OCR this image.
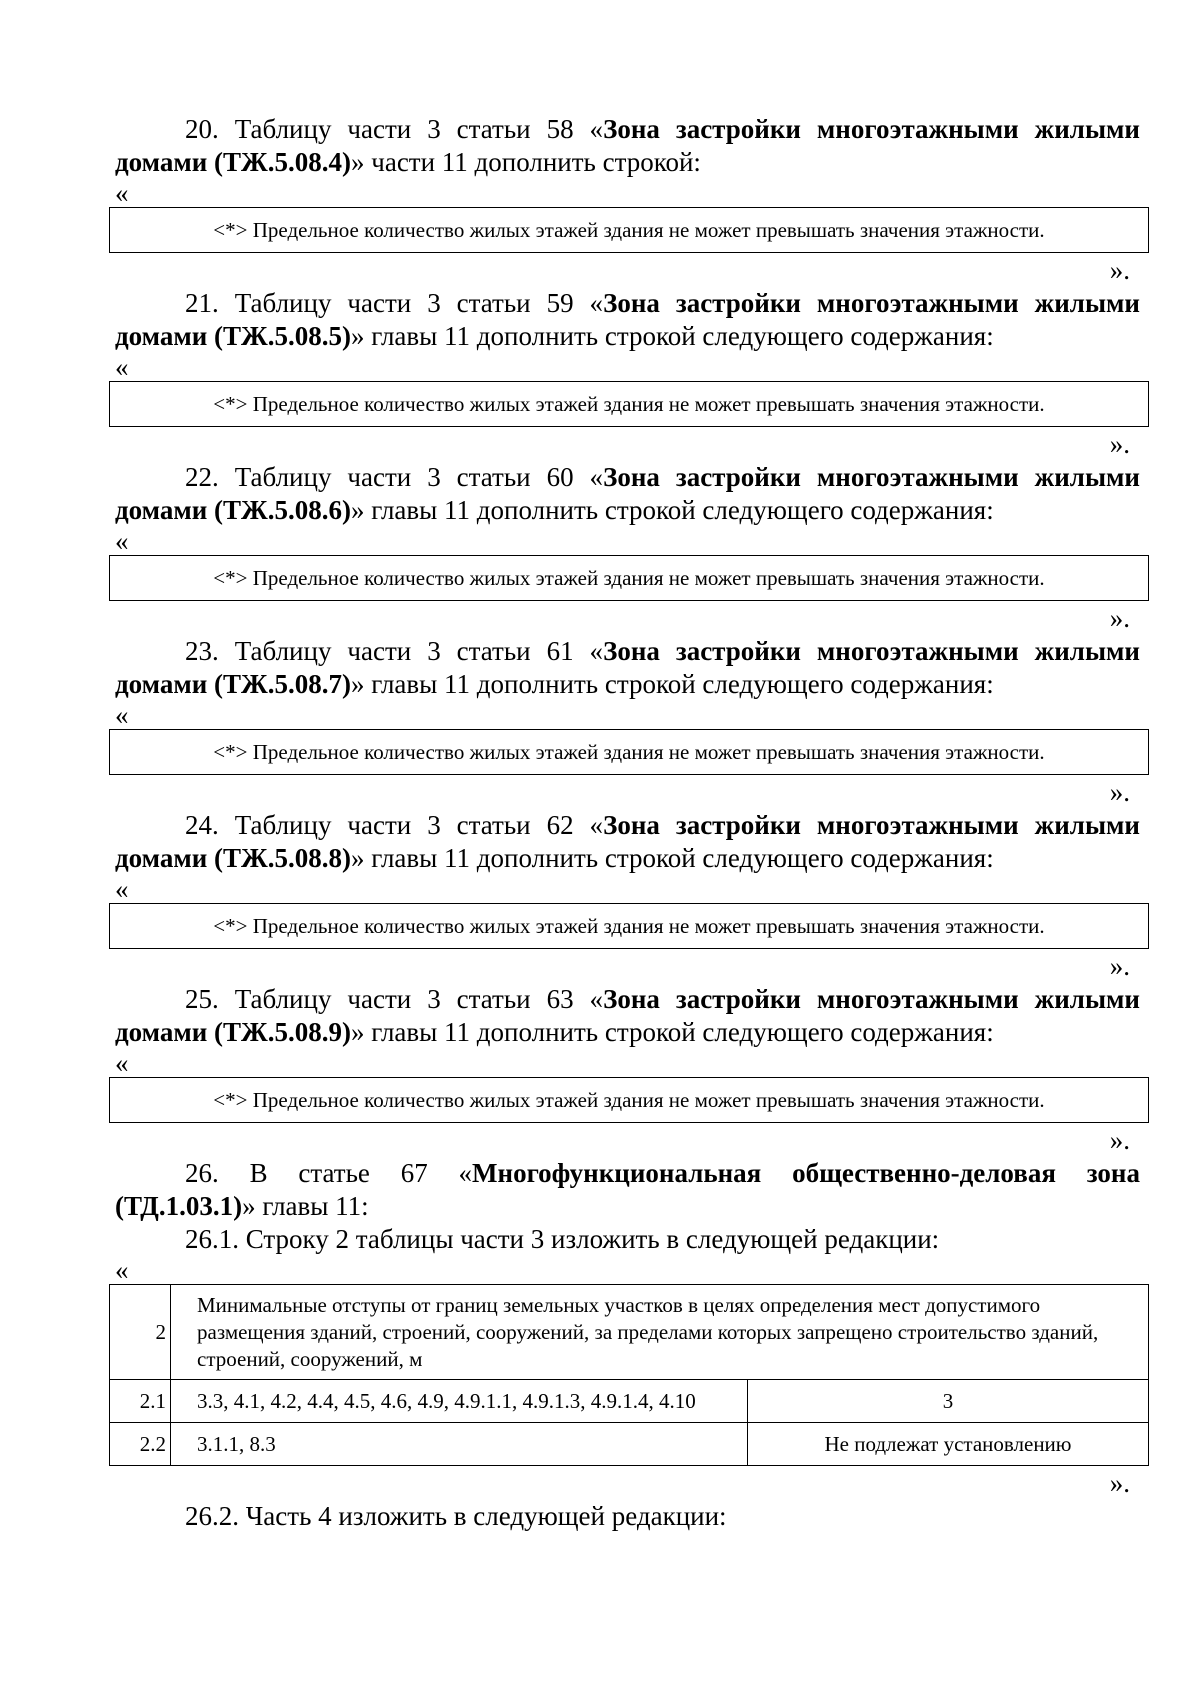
20. Таблицу части 3 статьи 58 «Зона застройки многоэтажными жилыми домами (ТЖ.5.08.4)» части 11 дополнить строкой:

«
<*> Предельное количество жилых этажей здания не может превышать значения этажности.
».

21. Таблицу части 3 статьи 59 «Зона застройки многоэтажными жилыми домами (ТЖ.5.08.5)» главы 11 дополнить строкой следующего содержания:

«
<*> Предельное количество жилых этажей здания не может превышать значения этажности.
».

22. Таблицу части 3 статьи 60 «Зона застройки многоэтажными жилыми домами (ТЖ.5.08.6)» главы 11 дополнить строкой следующего содержания:

«
<*> Предельное количество жилых этажей здания не может превышать значения этажности.
».

23. Таблицу части 3 статьи 61 «Зона застройки многоэтажными жилыми домами (ТЖ.5.08.7)» главы 11 дополнить строкой следующего содержания:

«
<*> Предельное количество жилых этажей здания не может превышать значения этажности.
».

24. Таблицу части 3 статьи 62 «Зона застройки многоэтажными жилыми домами (ТЖ.5.08.8)» главы 11 дополнить строкой следующего содержания:

«
<*> Предельное количество жилых этажей здания не может превышать значения этажности.
».

25. Таблицу части 3 статьи 63 «Зона застройки многоэтажными жилыми домами (ТЖ.5.08.9)» главы 11 дополнить строкой следующего содержания:

«
<*> Предельное количество жилых этажей здания не может превышать значения этажности.
».

26. В статье 67 «Многофункциональная общественно-деловая зона (ТД.1.03.1)» главы 11:

26.1. Строку 2 таблицы части 3 изложить в следующей редакции:

«
2	Минимальные отступы от границ земельных участков в целях определения мест допустимого размещения зданий, строений, сооружений, за пределами которых запрещено строительство зданий, строений, сооружений, м	
2.1	3.3, 4.1, 4.2, 4.4, 4.5, 4.6, 4.9, 4.9.1.1, 4.9.1.3, 4.9.1.4, 4.10	3
2.2	3.1.1, 8.3	Не подлежат установлению
».

26.2. Часть 4 изложить в следующей редакции:
